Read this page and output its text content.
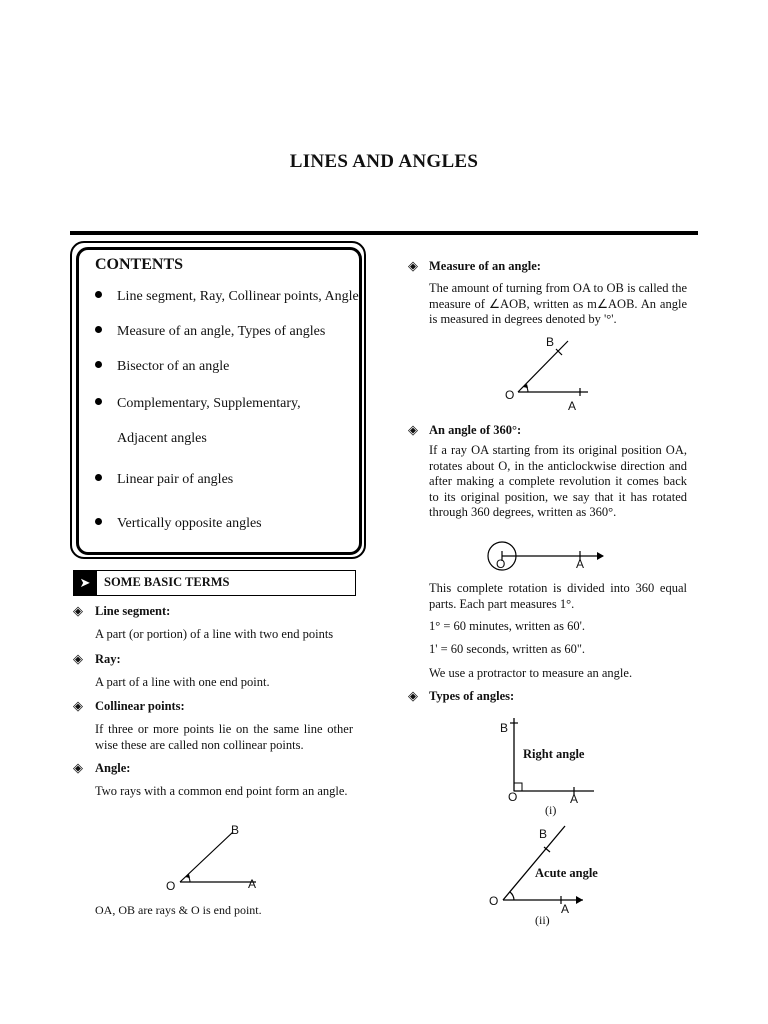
LINES AND ANGLES
CONTENTS
Line segment, Ray, Collinear points, Angle
Measure of an angle, Types of angles
Bisector of an angle
Complementary, Supplementary,
Adjacent angles
Linear pair of angles
Vertically opposite angles
➤	SOME BASIC TERMS
◈ Line segment:
A part (or portion) of a line with two end points
◈ Ray:
A part of a line with one end point.
◈ Collinear points:
If three or more points lie on the same line other wise these are called non collinear points.
◈ Angle:
Two rays with a common end point form an angle.
O	A
B
OA, OB are rays & O is end point.
◈ Measure of an angle:
The amount of turning from OA to OB is called the measure of ∠AOB, written as m∠AOB. An angle is measured in degrees denoted by '°'.
O
A
B
◈ An angle of 360°:
If a ray OA starting from its original position OA, rotates about O, in the anticlockwise direction and after making a complete revolution it comes back to its original position, we say that it has rotated through 360 degrees, written as 360°.
O	A
This complete rotation is divided into 360 equal parts. Each part measures 1°.
1° = 60 minutes, written as 60'.
1' = 60 seconds, written as 60".
We use a protractor to measure an angle.
◈ Types of angles:
B
O	A
Right angle
(i)
B
O
A
Acute angle
(ii)
